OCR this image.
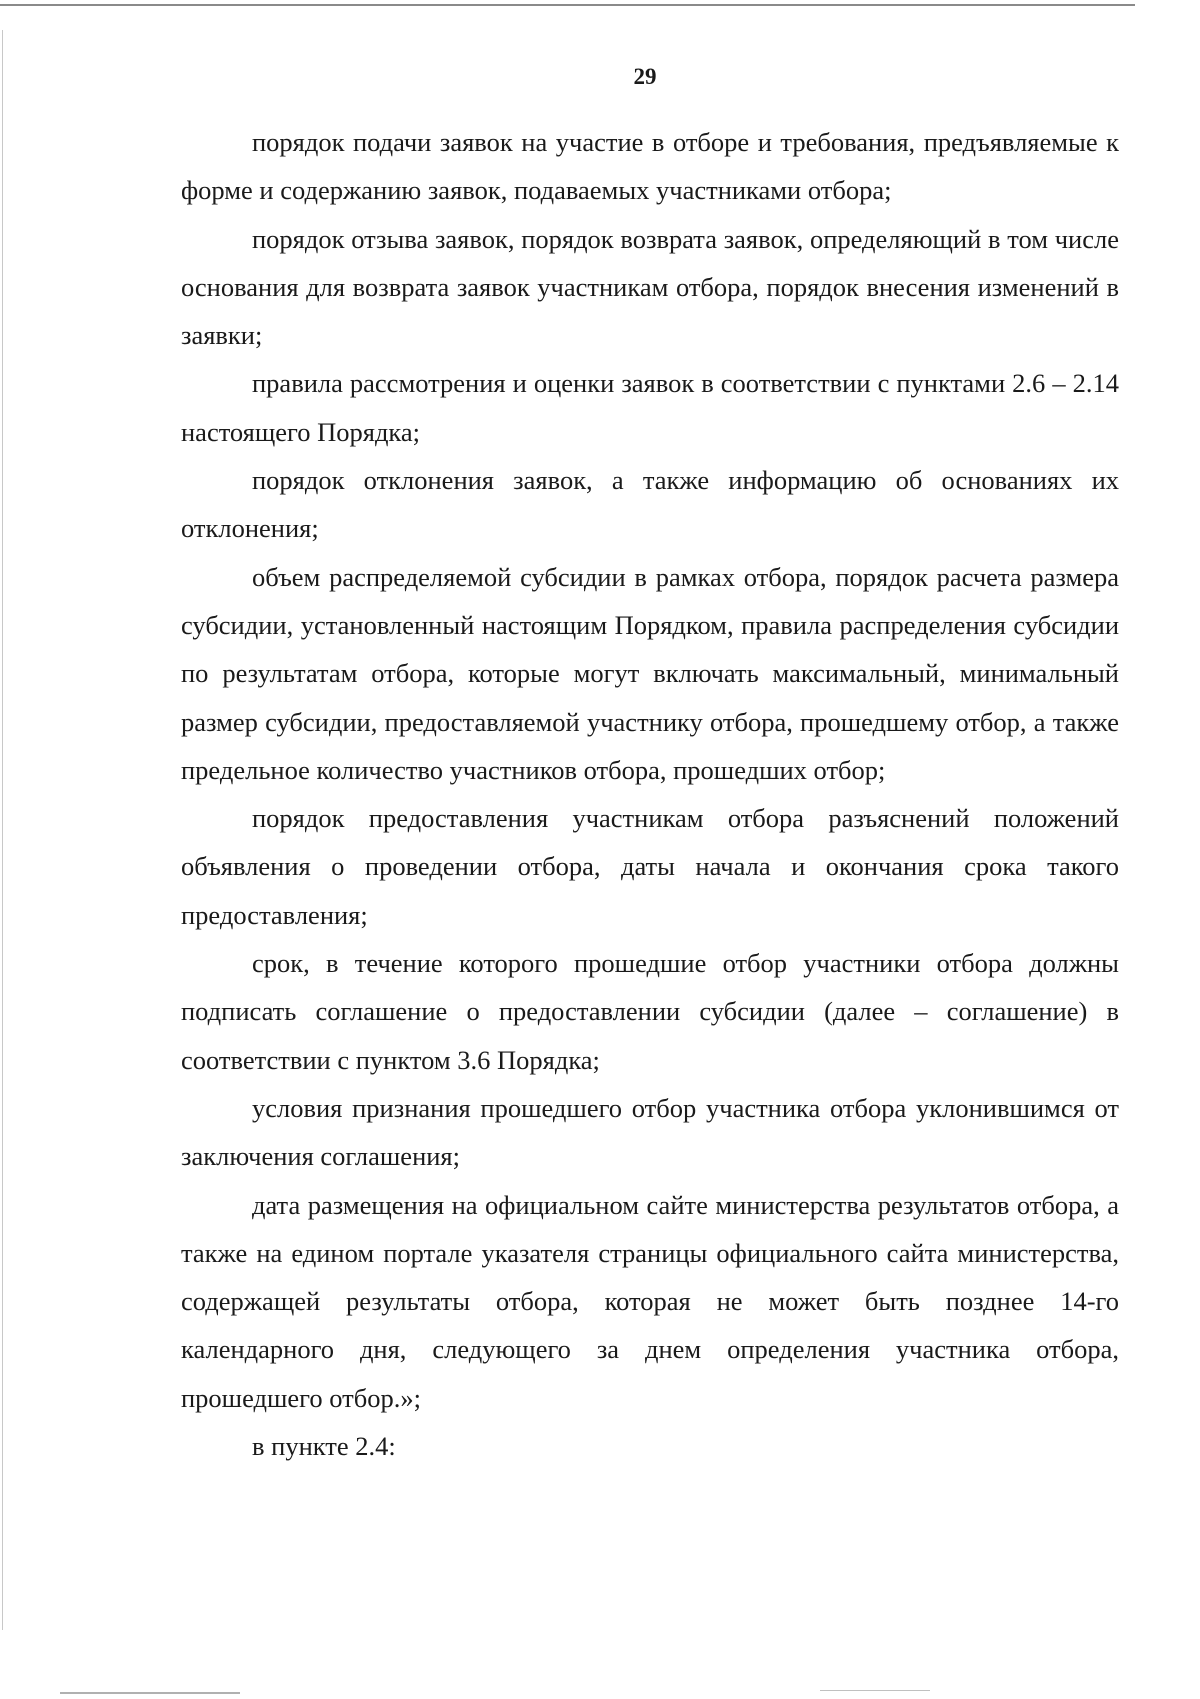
29

порядок подачи заявок на участие в отборе и требования, предъявляемые к форме и содержанию заявок, подаваемых участниками отбора;

порядок отзыва заявок, порядок возврата заявок, определяющий в том числе основания для возврата заявок участникам отбора, порядок внесения изменений в заявки;

правила рассмотрения и оценки заявок в соответствии с пунктами 2.6 – 2.14 настоящего Порядка;

порядок отклонения заявок, а также информацию об основаниях их отклонения;

объем распределяемой субсидии в рамках отбора, порядок расчета размера субсидии, установленный настоящим Порядком, правила распределения субсидии по результатам отбора, которые могут включать максимальный, минимальный размер субсидии, предоставляемой участнику отбора, прошедшему отбор, а также предельное количество участников отбора, прошедших отбор;

порядок предоставления участникам отбора разъяснений положений объявления о проведении отбора, даты начала и окончания срока такого предоставления;

срок, в течение которого прошедшие отбор участники отбора должны подписать соглашение о предоставлении субсидии (далее – соглашение) в соответствии с пунктом 3.6 Порядка;

условия признания прошедшего отбор участника отбора уклонившимся от заключения соглашения;

дата размещения на официальном сайте министерства результатов отбора, а также на едином портале указателя страницы официального сайта министерства, содержащей результаты отбора, которая не может быть позднее 14-го календарного дня, следующего за днем определения участника отбора, прошедшего отбор.»;

в пункте 2.4:
